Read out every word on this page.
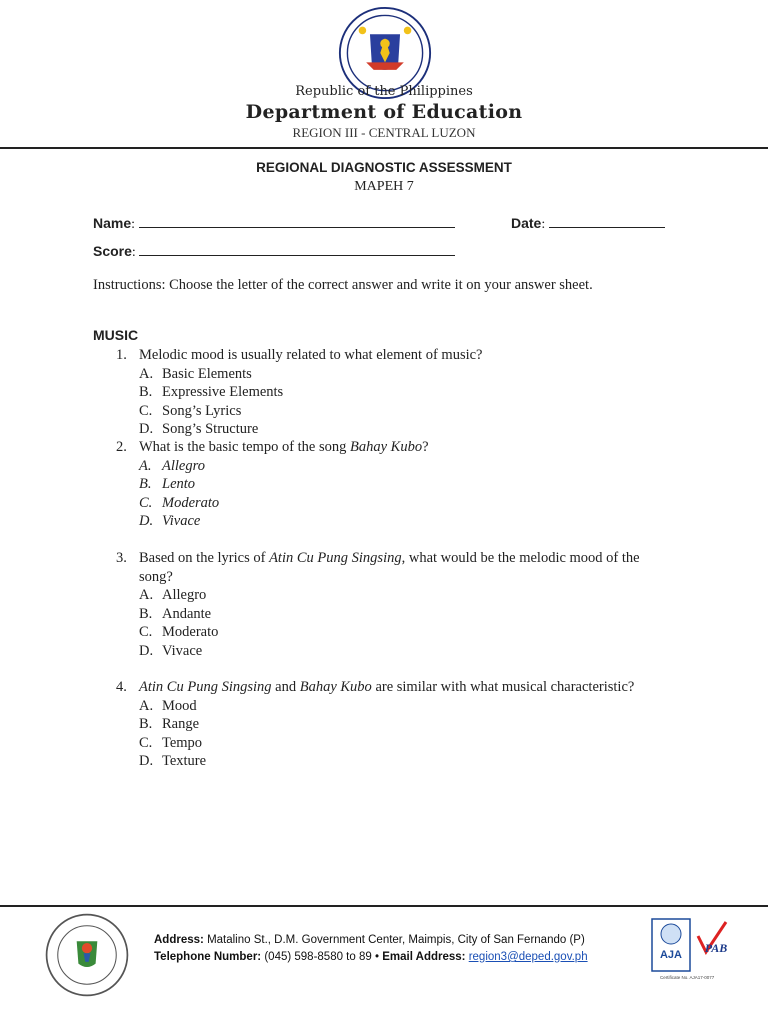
Republic of the Philippines
Department of Education
REGION III - CENTRAL LUZON
REGIONAL DIAGNOSTIC ASSESSMENT
MAPEH 7
Name:	Date:
Score:
Instructions: Choose the letter of the correct answer and write it on your answer sheet.
MUSIC
1. Melodic mood is usually related to what element of music?
A. Basic Elements
B. Expressive Elements
C. Song’s Lyrics
D. Song’s Structure
2. What is the basic tempo of the song Bahay Kubo?
A. Allegro
B. Lento
C. Moderato
D. Vivace
3. Based on the lyrics of Atin Cu Pung Singsing, what would be the melodic mood of the song?
A. Allegro
B. Andante
C. Moderato
D. Vivace
4. Atin Cu Pung Singsing and Bahay Kubo are similar with what musical characteristic?
A. Mood
B. Range
C. Tempo
D. Texture
Address: Matalino St., D.M. Government Center, Maimpis, City of San Fernando (P)
Telephone Number: (045) 598-8580 to 89 • Email Address: region3@deped.gov.ph	AJA PAB
Certificate No. AJA17-0077
